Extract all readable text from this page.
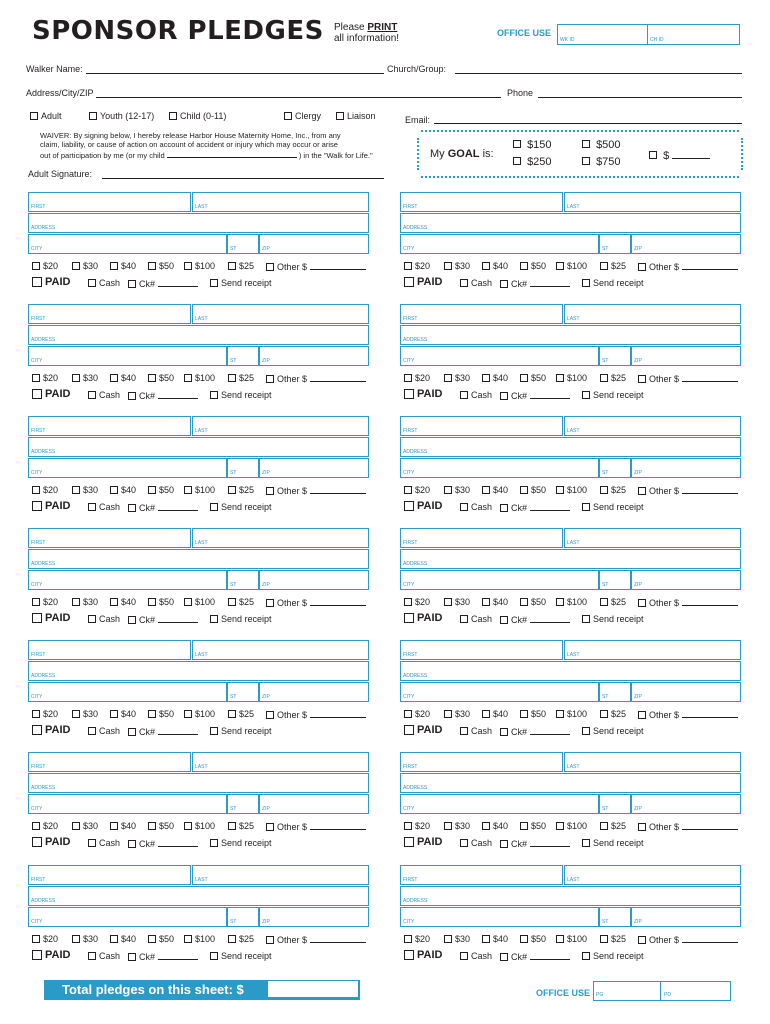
SPONSOR PLEDGES Please PRINT
all information!	OFFICE USE
WK ID	CH ID
Walker Name:	Church/Group:
Address/City/ZIP	Phone
Adult	Youth (12-17)	Child (0-11)	Clergy	Liaison	Email:
WAIVER: By signing below, I hereby release Harbor House Maternity Home, Inc., from any
claim, liability, or cause of action on account of accident or injury which may occur or arise
out of participation by me (or my child	) in the "Walk for Life."
Adult Signature:
My GOAL is:
$150	$500
$250	$750	$
FIRST	LAST
ADDRESS
CITY	ST	ZIP
$20	$30	$40	$50	$100	$25	Other $
PAID	Cash	Ck#	Send receipt
FIRST	LAST
ADDRESS
CITY	ST	ZIP
$20	$30	$40	$50	$100	$25	Other $
PAID	Cash	Ck#	Send receipt
FIRST	LAST
ADDRESS
CITY	ST	ZIP
$20	$30	$40	$50	$100	$25	Other $
PAID	Cash	Ck#	Send receipt
FIRST	LAST
ADDRESS
CITY	ST	ZIP
$20	$30	$40	$50	$100	$25	Other $
PAID	Cash	Ck#	Send receipt
FIRST	LAST
ADDRESS
CITY	ST	ZIP
$20	$30	$40	$50	$100	$25	Other $
PAID	Cash	Ck#	Send receipt
FIRST	LAST
ADDRESS
CITY	ST	ZIP
$20	$30	$40	$50	$100	$25	Other $
PAID	Cash	Ck#	Send receipt
FIRST	LAST
ADDRESS
CITY	ST	ZIP
$20	$30	$40	$50	$100	$25	Other $
PAID	Cash	Ck#	Send receipt
FIRST	LAST
ADDRESS
CITY	ST	ZIP
$20	$30	$40	$50	$100	$25	Other $
PAID	Cash	Ck#	Send receipt
FIRST	LAST
ADDRESS
CITY	ST	ZIP
$20	$30	$40	$50	$100	$25	Other $
PAID	Cash	Ck#	Send receipt
FIRST	LAST
ADDRESS
CITY	ST	ZIP
$20	$30	$40	$50	$100	$25	Other $
PAID	Cash	Ck#	Send receipt
FIRST	LAST
ADDRESS
CITY	ST	ZIP
$20	$30	$40	$50	$100	$25	Other $
PAID	Cash	Ck#	Send receipt
FIRST	LAST
ADDRESS
CITY	ST	ZIP
$20	$30	$40	$50	$100	$25	Other $
PAID	Cash	Ck#	Send receipt
FIRST	LAST
ADDRESS
CITY	ST	ZIP
$20	$30	$40	$50	$100	$25	Other $
PAID	Cash	Ck#	Send receipt
FIRST	LAST
ADDRESS
CITY	ST	ZIP
$20	$30	$40	$50	$100	$25	Other $
PAID	Cash	Ck#	Send receipt
Total pledges on this sheet: $	OFFICE USE PG	PD
